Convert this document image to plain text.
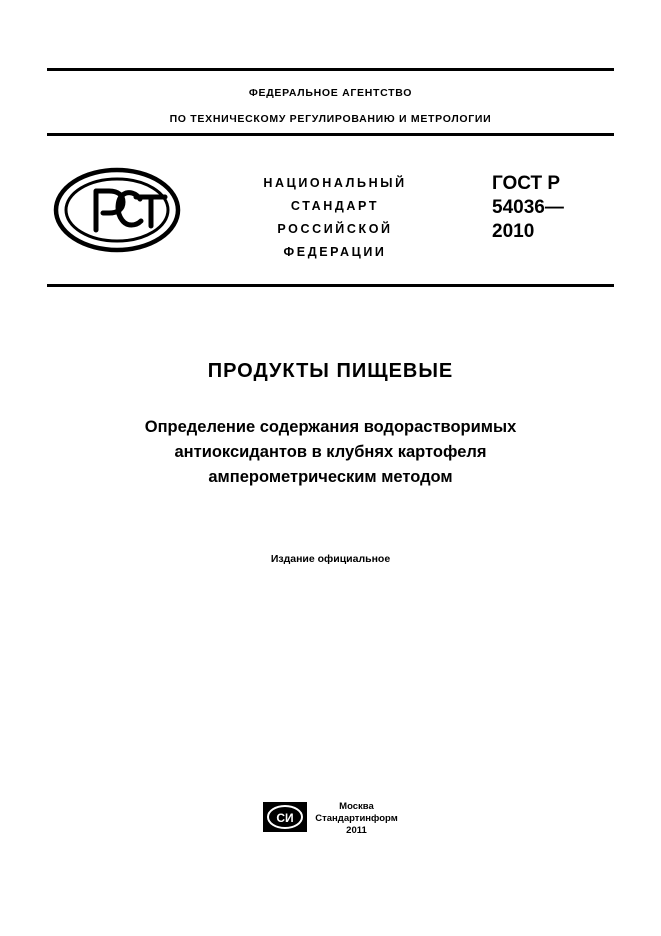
ФЕДЕРАЛЬНОЕ АГЕНТСТВО
ПО ТЕХНИЧЕСКОМУ РЕГУЛИРОВАНИЮ И МЕТРОЛОГИИ
НАЦИОНАЛЬНЫЙ
СТАНДАРТ
РОССИЙСКОЙ
ФЕДЕРАЦИИ
ГОСТ Р
54036—
2010
ПРОДУКТЫ ПИЩЕВЫЕ
Определение содержания водорастворимых
антиоксидантов в клубнях картофеля
амперометрическим методом
Издание официальное
СИ
Москва
Стандартинформ
2011
